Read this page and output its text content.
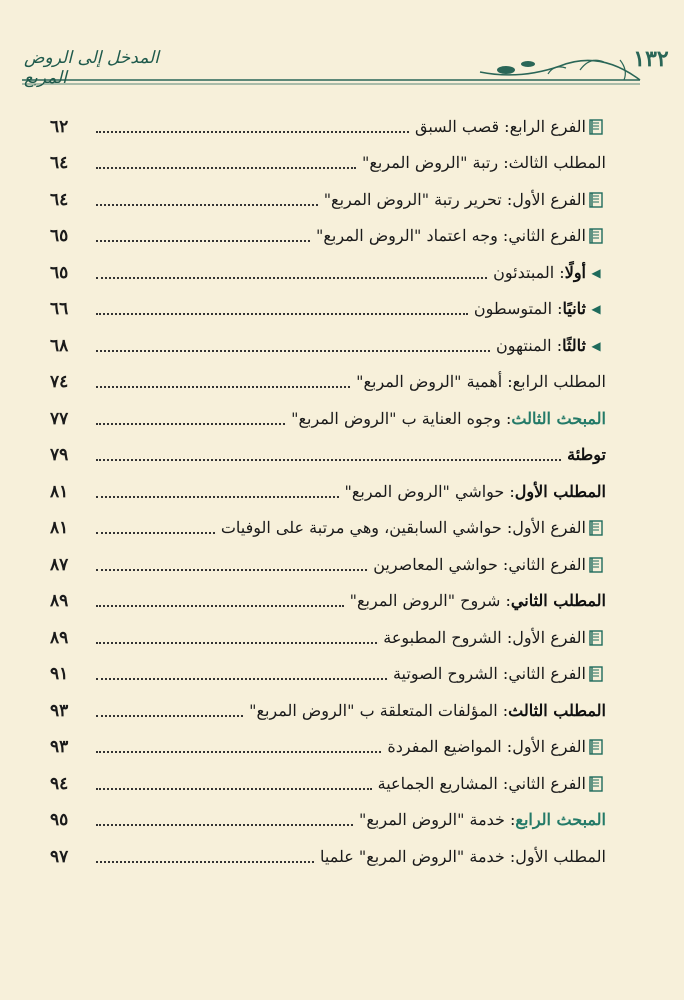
١٣٢
المدخل إلى الروض المربع
الفرع الرابع: قصب السبق
٦٢
المطلب الثالث: رتبة "الروض المربع"
٦٤
الفرع الأول: تحرير رتبة "الروض المربع"
٦٤
الفرع الثاني: وجه اعتماد "الروض المربع"
٦٥
◀
أولًا: المبتدئون
٦٥
◀
ثانيًا: المتوسطون
٦٦
◀
ثالثًا: المنتهون
٦٨
المطلب الرابع: أهمية "الروض المربع"
٧٤
المبحث الثالث: وجوه العناية ب "الروض المربع"
٧٧
توطئة
٧٩
المطلب الأول: حواشي "الروض المربع"
٨١
الفرع الأول: حواشي السابقين، وهي مرتبة على الوفيات
٨١
الفرع الثاني: حواشي المعاصرين
٨٧
المطلب الثاني: شروح "الروض المربع"
٨٩
الفرع الأول: الشروح المطبوعة
٨٩
الفرع الثاني: الشروح الصوتية
٩١
المطلب الثالث: المؤلفات المتعلقة ب "الروض المربع"
٩٣
الفرع الأول: المواضيع المفردة
٩٣
الفرع الثاني: المشاريع الجماعية
٩٤
المبحث الرابع: خدمة "الروض المربع"
٩٥
المطلب الأول: خدمة "الروض المربع" علميا
٩٧
